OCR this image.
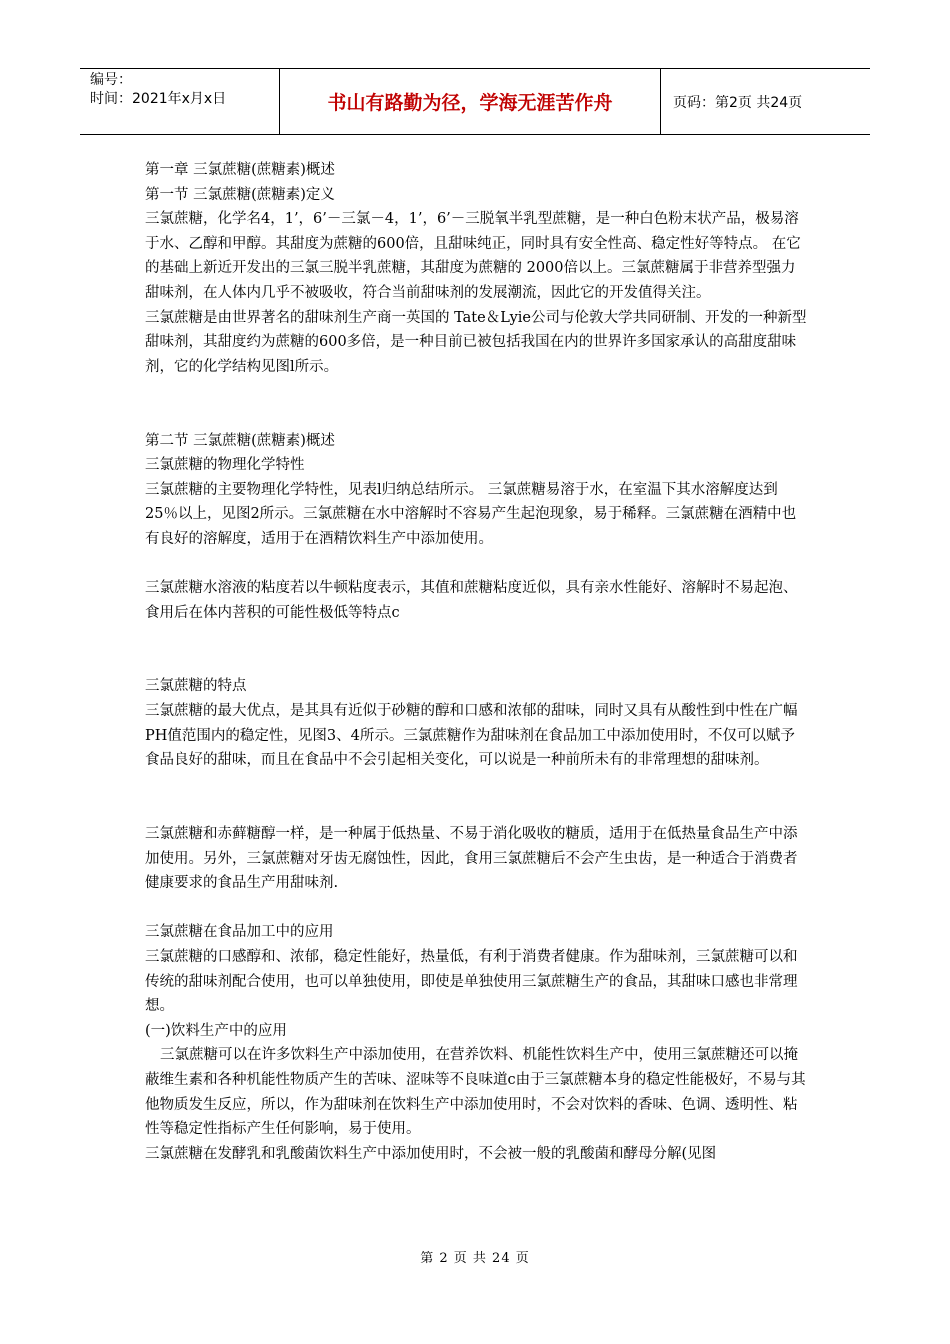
编号：
时间：2021年x月x日	书山有路勤为径，学海无涯苦作舟	页码：第2页 共24页

第一章 三氯蔗糖(蔗糖素)概述

第一节 三氯蔗糖(蔗糖素)定义

三氯蔗糖，化学名4，1’，6’－三氯－4，1’，6’－三脱氧半乳型蔗糖，是一种白色粉末状产品，极易溶于水、乙醇和甲醇。其甜度为蔗糖的600倍，且甜味纯正，同时具有安全性高、稳定性好等特点。 在它的基础上新近开发出的三氯三脱半乳蔗糖，其甜度为蔗糖的 2000倍以上。三氯蔗糖属于非营养型强力甜味剂，在人体内几乎不被吸收，符合当前甜味剂的发展潮流，因此它的开发值得关注。

三氯蔗糖是由世界著名的甜味剂生产商一英国的 Tate＆Lyie公司与伦敦大学共同研制、开发的一种新型甜味剂，其甜度约为蔗糖的600多倍，是一种目前已被包括我国在内的世界许多国家承认的高甜度甜味剂，它的化学结构见图l所示。

第二节 三氯蔗糖(蔗糖素)概述

三氯蔗糖的物理化学特性

三氯蔗糖的主要物理化学特性，见表l归纳总结所示。 三氯蔗糖易溶于水，在室温下其水溶解度达到25％以上，见图2所示。三氯蔗糖在水中溶解时不容易产生起泡现象，易于稀释。三氯蔗糖在酒精中也有良好的溶解度，适用于在酒精饮料生产中添加使用。

三氯蔗糖水溶液的粘度若以牛顿粘度表示，其值和蔗糖粘度近似，具有亲水性能好、溶解时不易起泡、食用后在体内菩积的可能性极低等特点c

三氯蔗糖的特点

三氯蔗糖的最大优点，是其具有近似于砂糖的醇和口感和浓郁的甜味，同时又具有从酸性到中性在广幅PH值范围内的稳定性，见图3、4所示。三氯蔗糖作为甜味剂在食品加工中添加使用时，不仅可以赋予食品良好的甜味，而且在食品中不会引起相关变化，可以说是一种前所未有的非常理想的甜味剂。

三氯蔗糖和赤藓糖醇一样，是一种属于低热量、不易于消化吸收的糖质，适用于在低热量食品生产中添加使用。另外，三氯蔗糖对牙齿无腐蚀性，因此，食用三氯蔗糖后不会产生虫齿，是一种适合于消费者健康要求的食品生产用甜味剂.

三氯蔗糖在食品加工中的应用

三氯蔗糖的口感醇和、浓郁，稳定性能好，热量低，有利于消费者健康。作为甜味剂，三氯蔗糖可以和传统的甜味剂配合使用，也可以单独使用，即使是单独使用三氯蔗糖生产的食品，其甜味口感也非常理想。

(一)饮料生产中的应用

三氯蔗糖可以在许多饮料生产中添加使用，在营养饮料、机能性饮料生产中，使用三氯蔗糖还可以掩蔽维生素和各种机能性物质产生的苦味、涩味等不良味道c由于三氯蔗糖本身的稳定性能极好，不易与其他物质发生反应，所以，作为甜味剂在饮料生产中添加使用时，不会对饮料的香味、色调、透明性、粘性等稳定性指标产生任何影响，易于使用。

三氯蔗糖在发酵乳和乳酸菌饮料生产中添加使用时，不会被一般的乳酸菌和酵母分解(见图

第 2 页 共 24 页
